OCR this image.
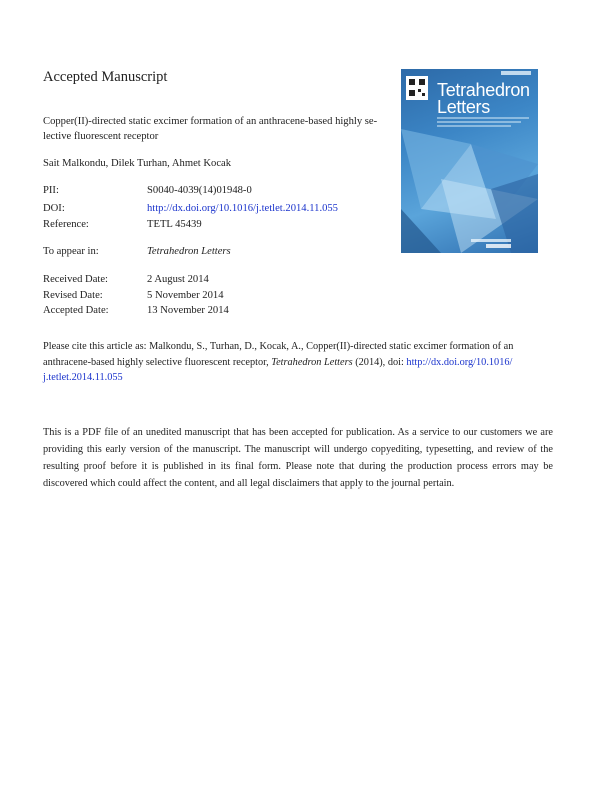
Accepted Manuscript
Copper(II)-directed static excimer formation of an anthracene-based highly se-
lective fluorescent receptor
Sait Malkondu, Dilek Turhan, Ahmet Kocak
PII:	S0040-4039(14)01948-0
DOI:	http://dx.doi.org/10.1016/j.tetlet.2014.11.055
Reference:	TETL 45439
To appear in:	Tetrahedron Letters
Received Date:	2 August 2014
Revised Date:	5 November 2014
Accepted Date:	13 November 2014
Please cite this article as: Malkondu, S., Turhan, D., Kocak, A., Copper(II)-directed static excimer formation of an anthracene-based highly selective fluorescent receptor, Tetrahedron Letters (2014), doi: http://dx.doi.org/10.1016/
j.tetlet.2014.11.055
This is a PDF file of an unedited manuscript that has been accepted for publication. As a service to our customers we are providing this early version of the manuscript. The manuscript will undergo copyediting, typesetting, and review of the resulting proof before it is published in its final form. Please note that during the production process errors may be discovered which could affect the content, and all legal disclaimers that apply to the journal pertain.
Tetrahedron
Letters
